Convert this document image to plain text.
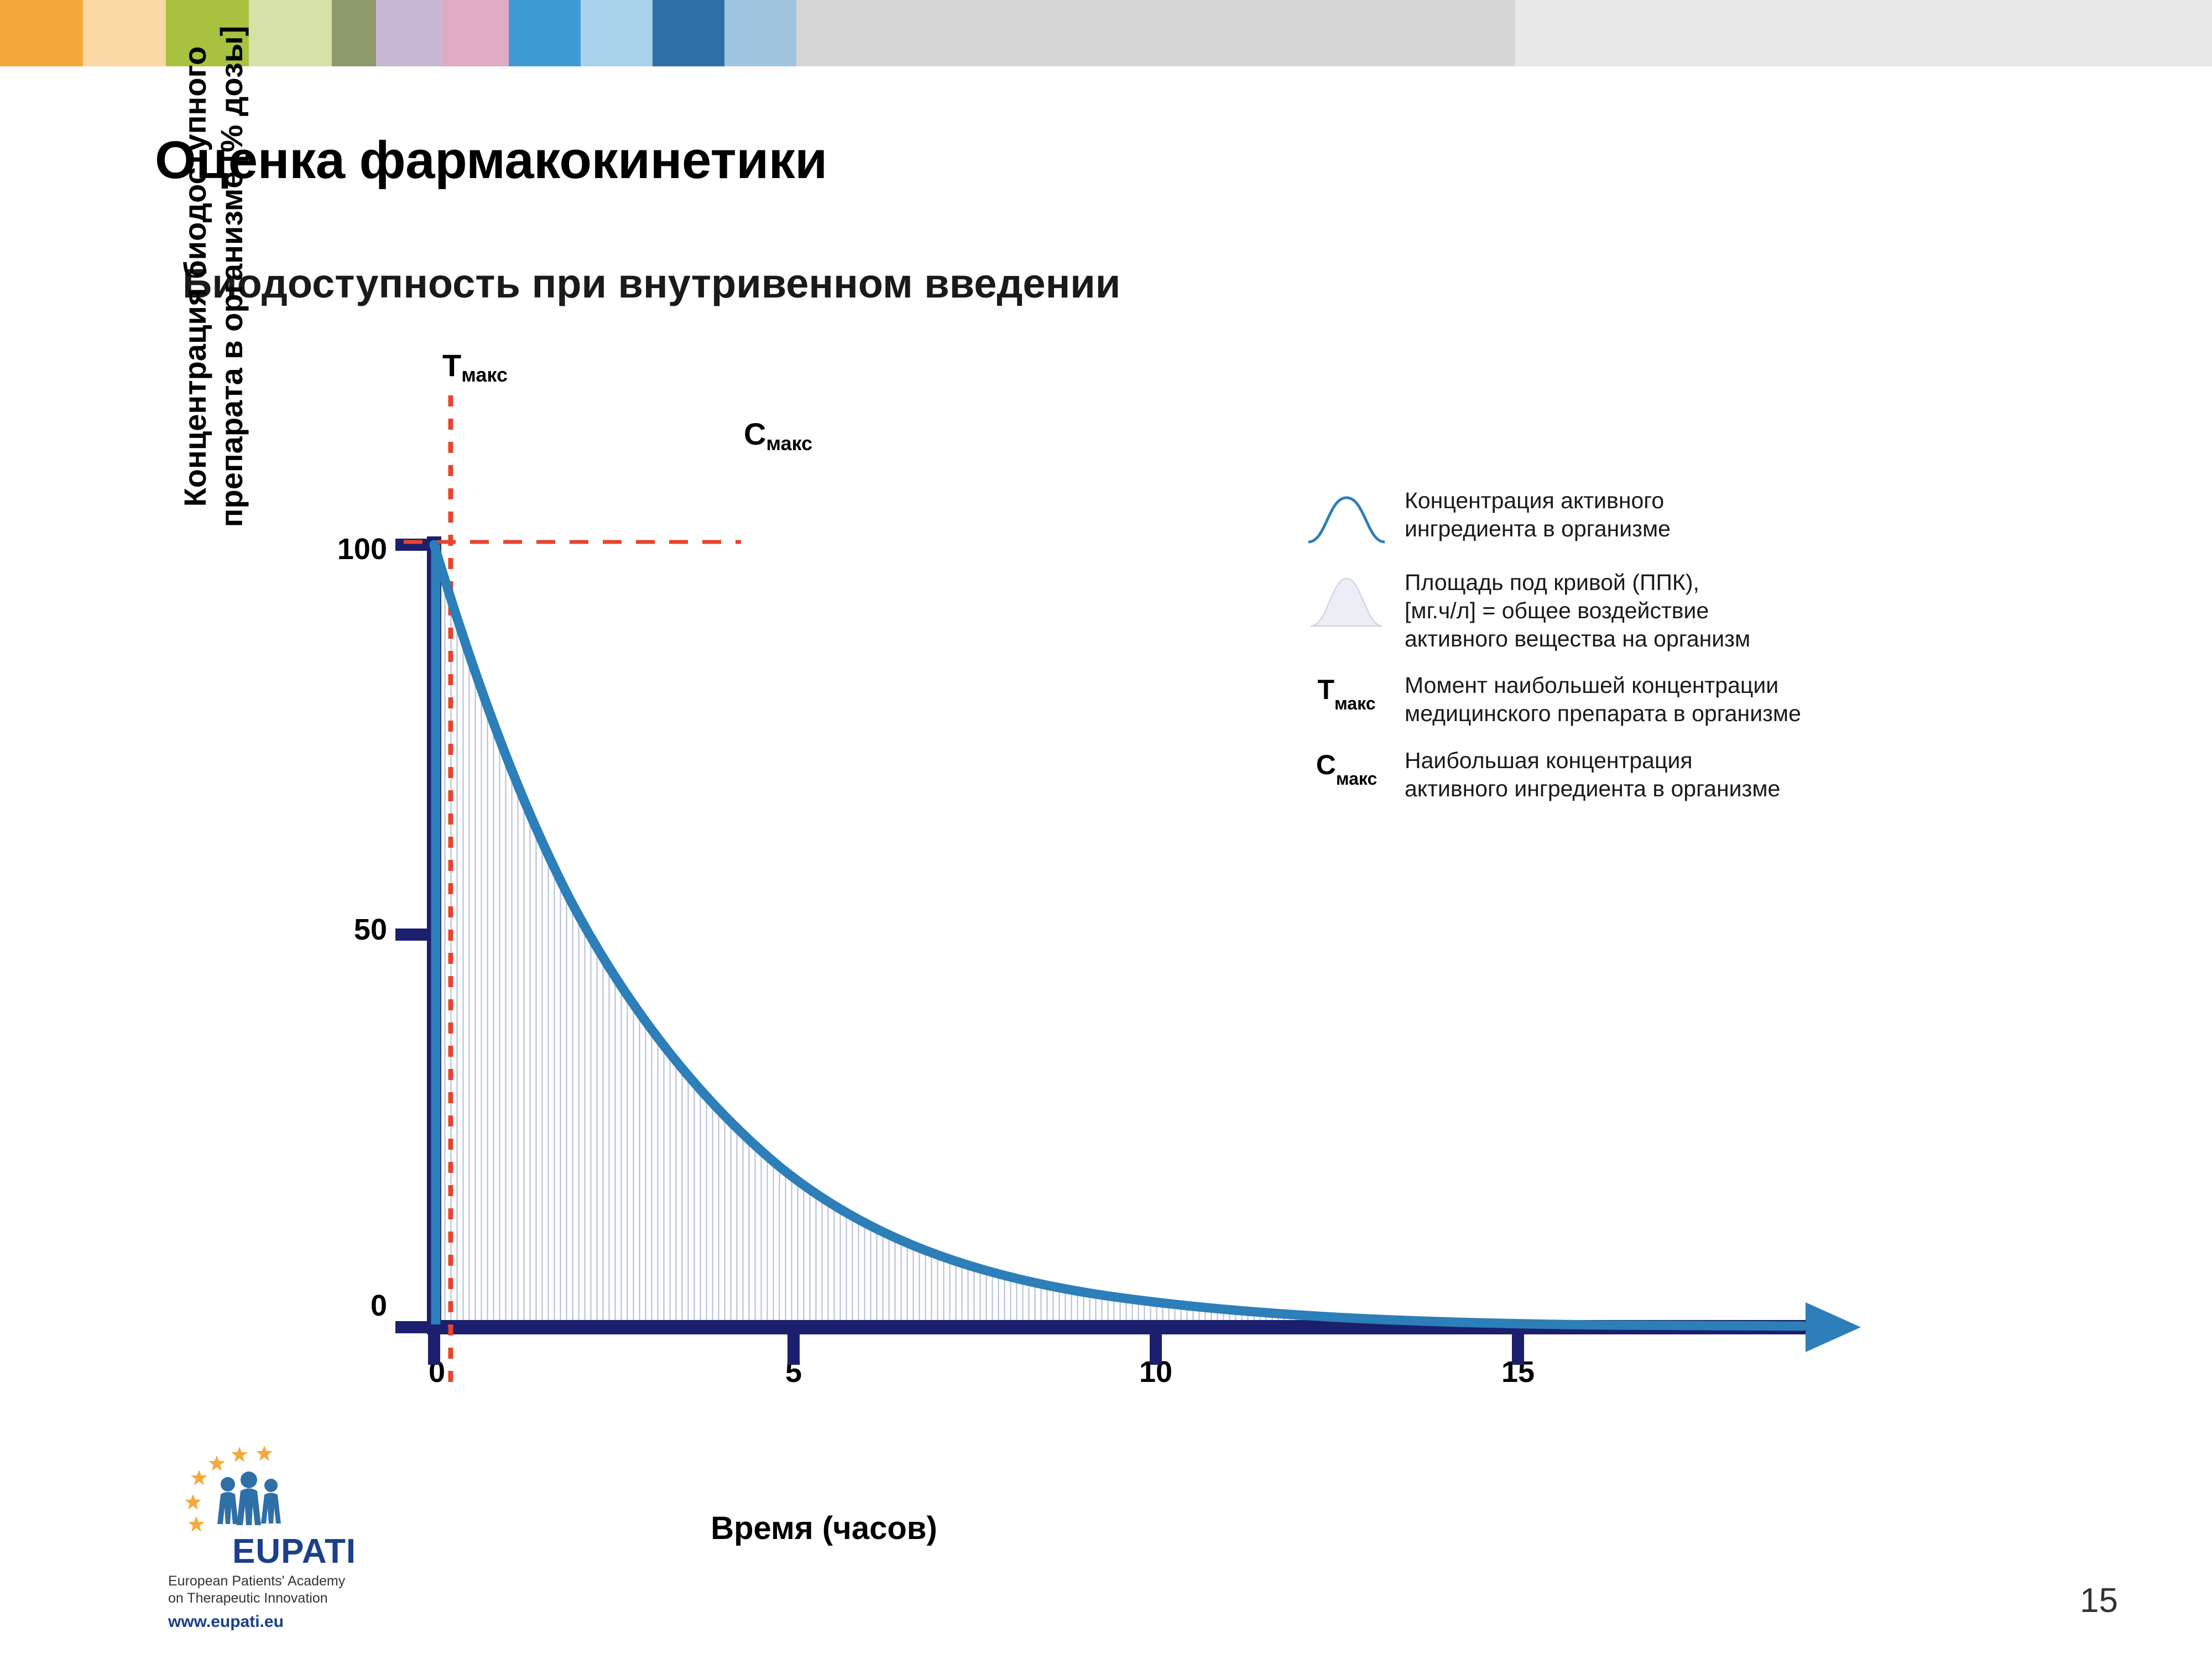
Оценка фармакокинетики
Биодоступность при внутривенном введении
Концентрация биодоступного препарата в организме [% дозы]
100
50
0
0	5	10	15
Время (часов)
$T_{макс}$
$C_{макс}$
Концентрация активного
ингредиента в организме
Площадь под кривой (ППК),
[мг.ч/л] = общее воздействие
активного вещества на организм
$T_{макс}$
Момент наибольшей концентрации
медицинского препарата в организме
$C_{макс}$
Наибольшая концентрация
активного ингредиента в организме
EUPATI
European Patients' Academy
on Therapeutic Innovation
www.eupati.eu
15
